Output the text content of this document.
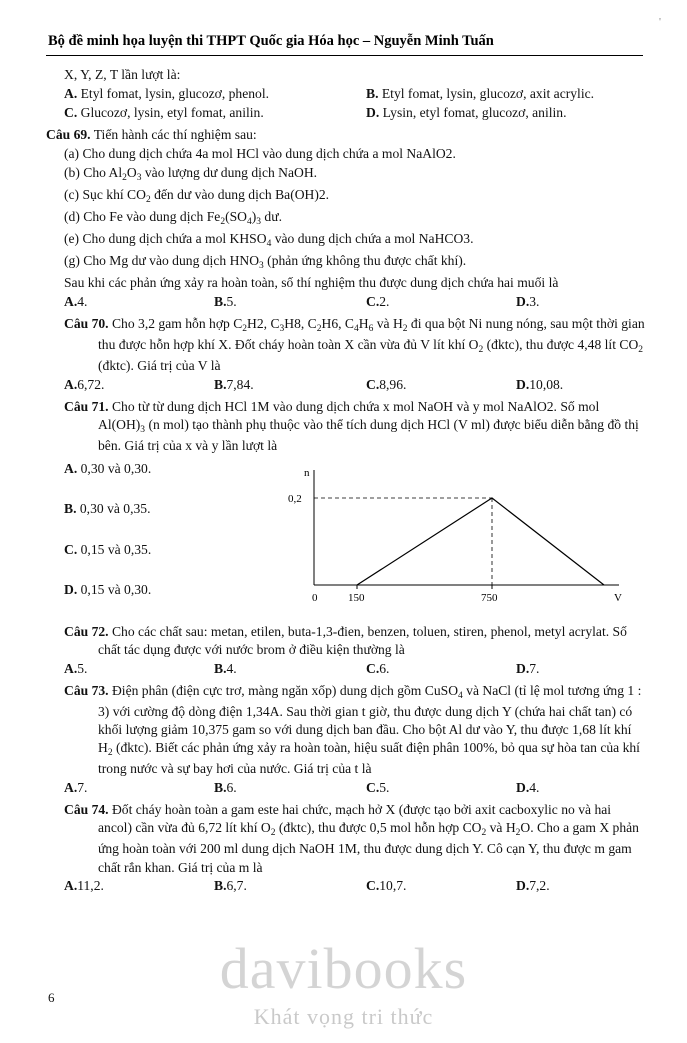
'
Bộ đề minh họa luyện thi THPT Quốc gia Hóa học – Nguyễn Minh Tuấn
X, Y, Z, T lần lượt là:
A. Etyl fomat, lysin, glucozơ, phenol.	B. Etyl fomat, lysin, glucozơ, axit acrylic.
C. Glucozơ, lysin, etyl fomat, anilin.	D. Lysin, etyl fomat, glucozơ, anilin.
Câu 69. Tiến hành các thí nghiệm sau:
(a) Cho dung dịch chứa 4a mol HCl vào dung dịch chứa a mol NaAlO2.
(b) Cho $Al_2O_3$ vào lượng dư dung dịch NaOH.
(c) Sục khí $CO_2$ đến dư vào dung dịch Ba(OH)2.
(d) Cho Fe vào dung dịch $Fe_2(SO_4)_3$ dư.
(e) Cho dung dịch chứa a mol $KHSO_4$ vào dung dịch chứa a mol NaHCO3.
(g) Cho Mg dư vào dung dịch $HNO_3$ (phản ứng không thu được chất khí).
Sau khi các phản ứng xảy ra hoàn toàn, số thí nghiệm thu được dung dịch chứa hai muối là
A. 4.	B. 5.	C. 2.	D. 3.
Câu 70. Cho 3,2 gam hỗn hợp $C_2H2$, $C_3H8$, $C_2H6$, $C_4H_6$ và $H_2$ đi qua bột Ni nung nóng, sau một thời gian thu được hỗn hợp khí X. Đốt cháy hoàn toàn X cần vừa đủ V lít khí $O_2$ (đktc), thu được 4,48 lít $CO_2$ (đktc). Giá trị của V là
A. 6,72.	B. 7,84.	C. 8,96.	D. 10,08.
Câu 71. Cho từ từ dung dịch HCl 1M vào dung dịch chứa x mol NaOH và y mol NaAlO2. Số mol $Al(OH)_3$ (n mol) tạo thành phụ thuộc vào thể tích dung dịch HCl (V ml) được biểu diễn bằng đồ thị bên. Giá trị của x và y lần lượt là
A. 0,30 và 0,30.
B. 0,30 và 0,35.
C. 0,15 và 0,35.
D. 0,15 và 0,30.
n
0,2
0	150	750	V
Câu 72. Cho các chất sau: metan, etilen, buta-1,3-đien, benzen, toluen, stiren, phenol, metyl acrylat. Số chất tác dụng được với nước brom ở điều kiện thường là
A. 5.	B. 4.	C. 6.	D. 7.
Câu 73. Điện phân (điện cực trơ, màng ngăn xốp) dung dịch gồm CuSO$_4$ và NaCl (tỉ lệ mol tương ứng 1 : 3) với cường độ dòng điện 1,34A. Sau thời gian t giờ, thu được dung dịch Y (chứa hai chất tan) có khối lượng giảm 10,375 gam so với dung dịch ban đầu. Cho bột Al dư vào Y, thu được 1,68 lít khí $H_2$ (đktc). Biết các phản ứng xảy ra hoàn toàn, hiệu suất điện phân 100%, bỏ qua sự hòa tan của khí trong nước và sự bay hơi của nước. Giá trị của t là
A. 7.	B. 6.	C. 5.	D. 4.
Câu 74. Đốt cháy hoàn toàn a gam este hai chức, mạch hở X (được tạo bởi axit cacboxylic no và hai ancol) cần vừa đủ 6,72 lít khí $O_2$ (đktc), thu được 0,5 mol hỗn hợp $CO_2$ và $H_2O$. Cho a gam X phản ứng hoàn toàn với 200 ml dung dịch NaOH 1M, thu được dung dịch Y. Cô cạn Y, thu được m gam chất rắn khan. Giá trị của m là
A. 11,2.	B. 6,7.	C. 10,7.	D. 7,2.
davibooks
Khát vọng tri thức
6
